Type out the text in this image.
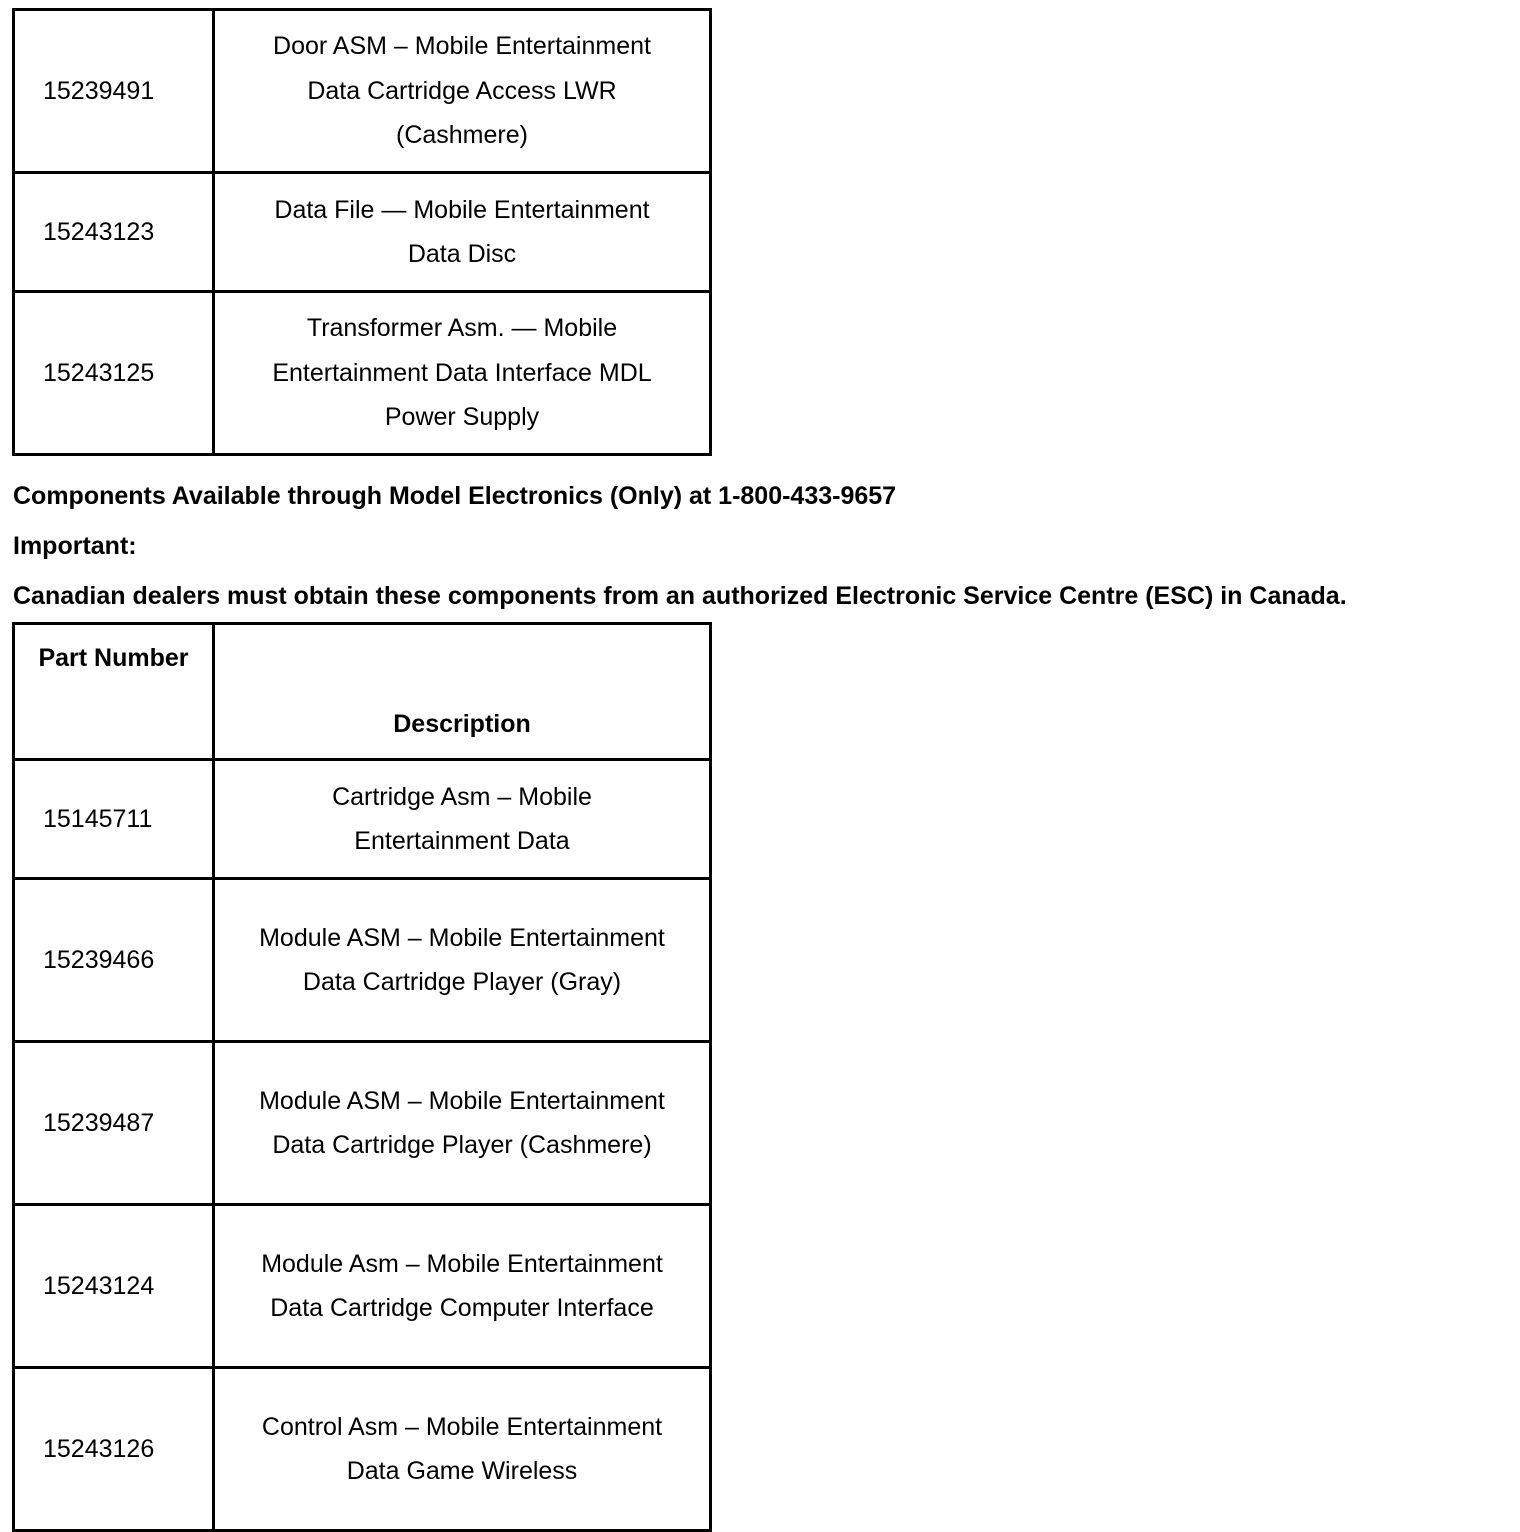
15239491	Door ASM – Mobile Entertainment Data Cartridge Access LWR (Cashmere)
15243123	Data File — Mobile Entertainment Data Disc
15243125	Transformer Asm. — Mobile Entertainment Data Interface MDL Power Supply
Components Available through Model Electronics (Only) at 1-800-433-9657
Important:
Canadian dealers must obtain these components from an authorized Electronic Service Centre (ESC) in Canada.
Part Number	Description
15145711	Cartridge Asm – Mobile Entertainment Data
15239466	Module ASM – Mobile Entertainment Data Cartridge Player (Gray)
15239487	Module ASM – Mobile Entertainment Data Cartridge Player (Cashmere)
15243124	Module Asm – Mobile Entertainment Data Cartridge Computer Interface
15243126	Control Asm – Mobile Entertainment Data Game Wireless
